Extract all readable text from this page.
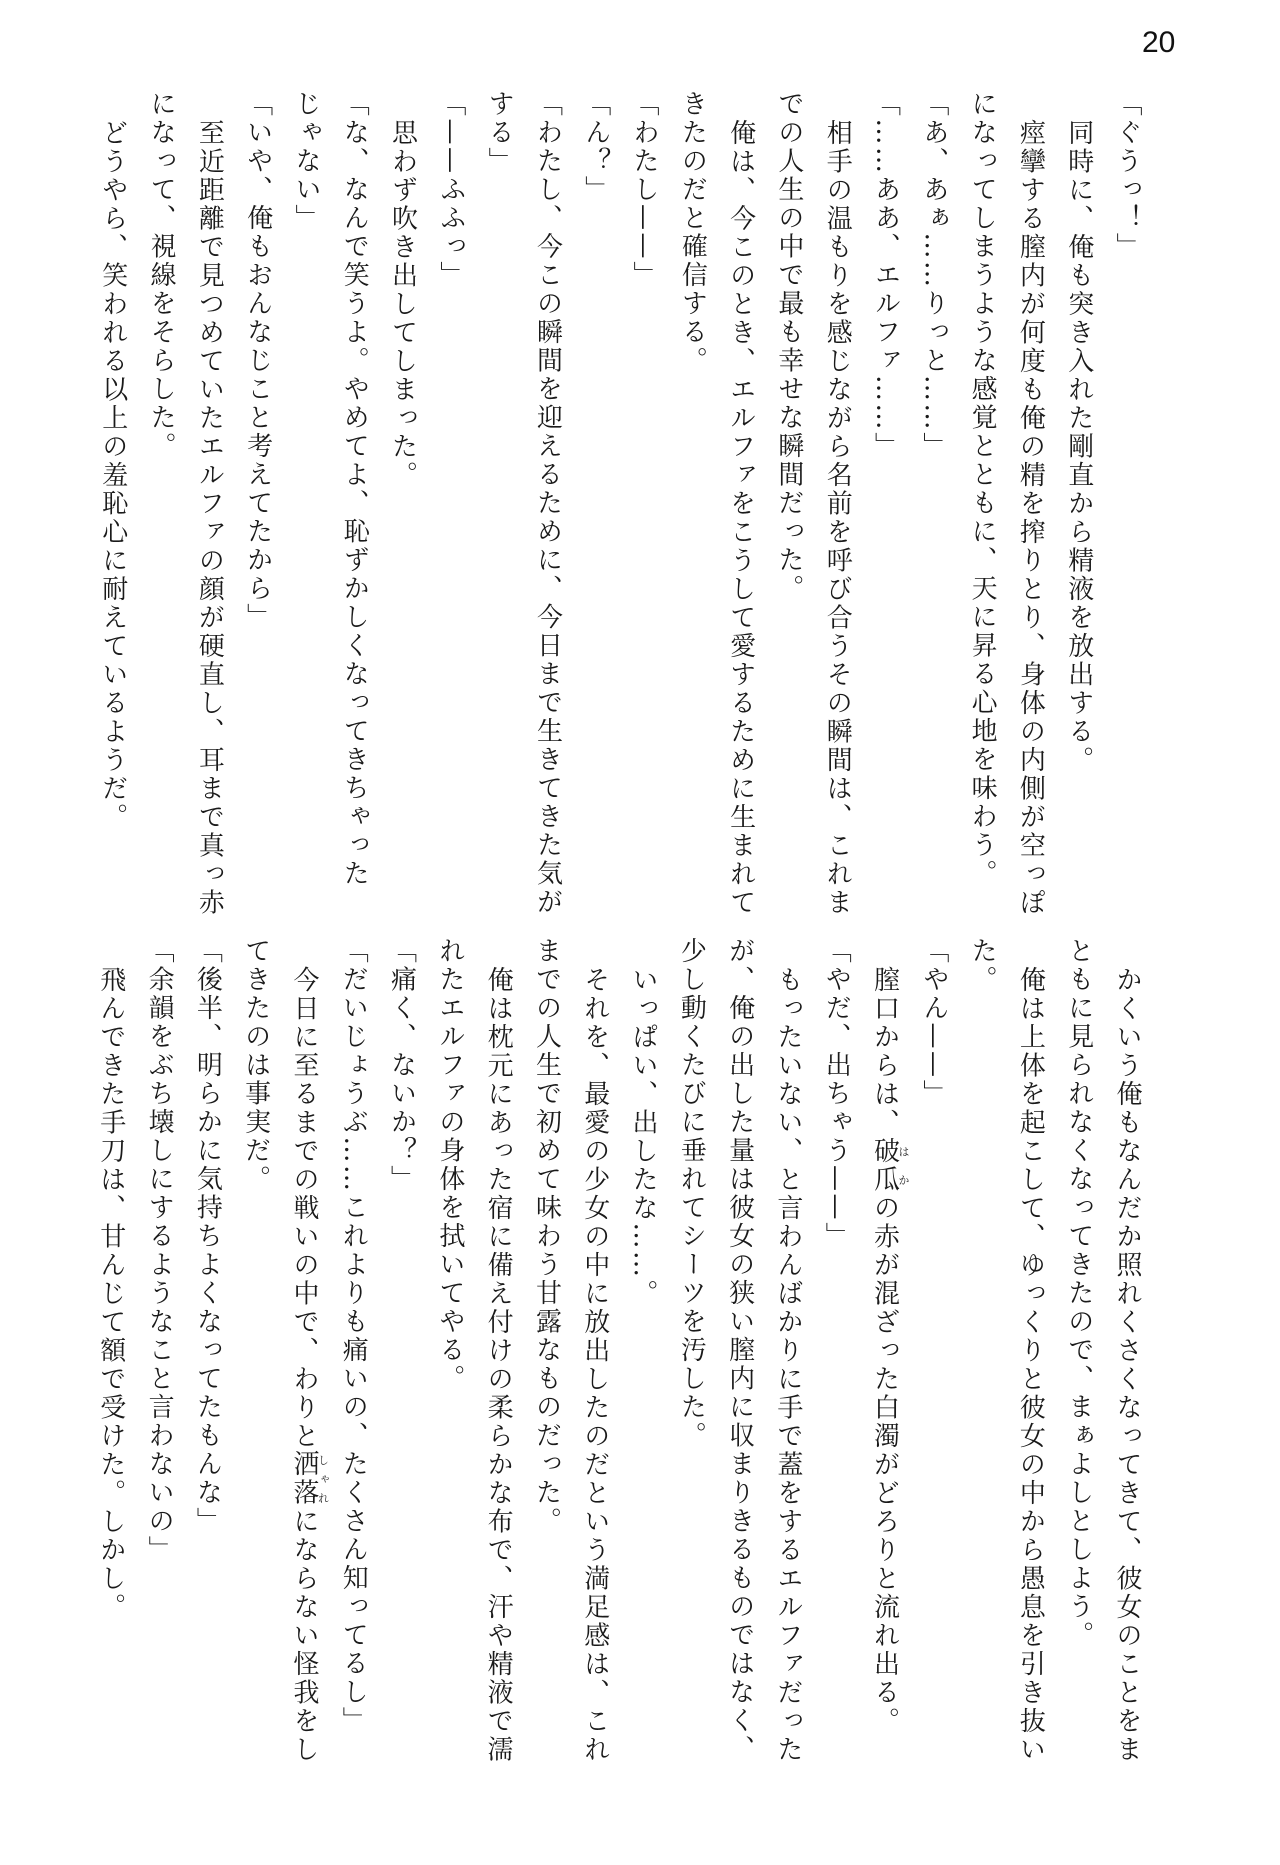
20
「ぐうっ！」
同時に、俺も突き入れた剛直から精液を放出する。
痙攣する膣内が何度も俺の精を搾りとり、身体の内側が空っぽ
になってしまうような感覚とともに、天に昇る心地を味わう。
「あ、あぁ……りっと……」
「……ああ、エルファ……」
相手の温もりを感じながら名前を呼び合うその瞬間は、これま
での人生の中で最も幸せな瞬間だった。
俺は、今このとき、エルファをこうして愛するために生まれて
きたのだと確信する。
「わたし——」
「ん？」
「わたし、今この瞬間を迎えるために、今日まで生きてきた気が
する」
「——ふふっ」
思わず吹き出してしまった。
「な、なんで笑うよ。やめてよ、恥ずかしくなってきちゃった
じゃない」
「いや、俺もおんなじこと考えてたから」
至近距離で見つめていたエルファの顔が硬直し、耳まで真っ赤
になって、視線をそらした。
どうやら、笑われる以上の羞恥心に耐えているようだ。
かくいう俺もなんだか照れくさくなってきて、彼女のことをま
ともに見られなくなってきたので、まぁよしとしよう。
俺は上体を起こして、ゆっくりと彼女の中から愚息を引き抜い
た。
「やん——」
膣口からは、破瓜はかの赤が混ざった白濁がどろりと流れ出る。
「やだ、出ちゃう——」
もったいない、と言わんばかりに手で蓋をするエルファだった
が、俺の出した量は彼女の狭い膣内に収まりきるものではなく、
少し動くたびに垂れてシーツを汚した。
いっぱい、出したな……。
それを、最愛の少女の中に放出したのだという満足感は、これ
までの人生で初めて味わう甘露なものだった。
俺は枕元にあった宿に備え付けの柔らかな布で、汗や精液で濡
れたエルファの身体を拭いてやる。
「痛く、ないか？」
「だいじょうぶ……これよりも痛いの、たくさん知ってるし」
今日に至るまでの戦いの中で、わりと洒落しゃれにならない怪我をし
てきたのは事実だ。
「後半、明らかに気持ちよくなってたもんな」
「余韻をぶち壊しにするようなこと言わないの」
飛んできた手刀は、甘んじて額で受けた。しかし。
